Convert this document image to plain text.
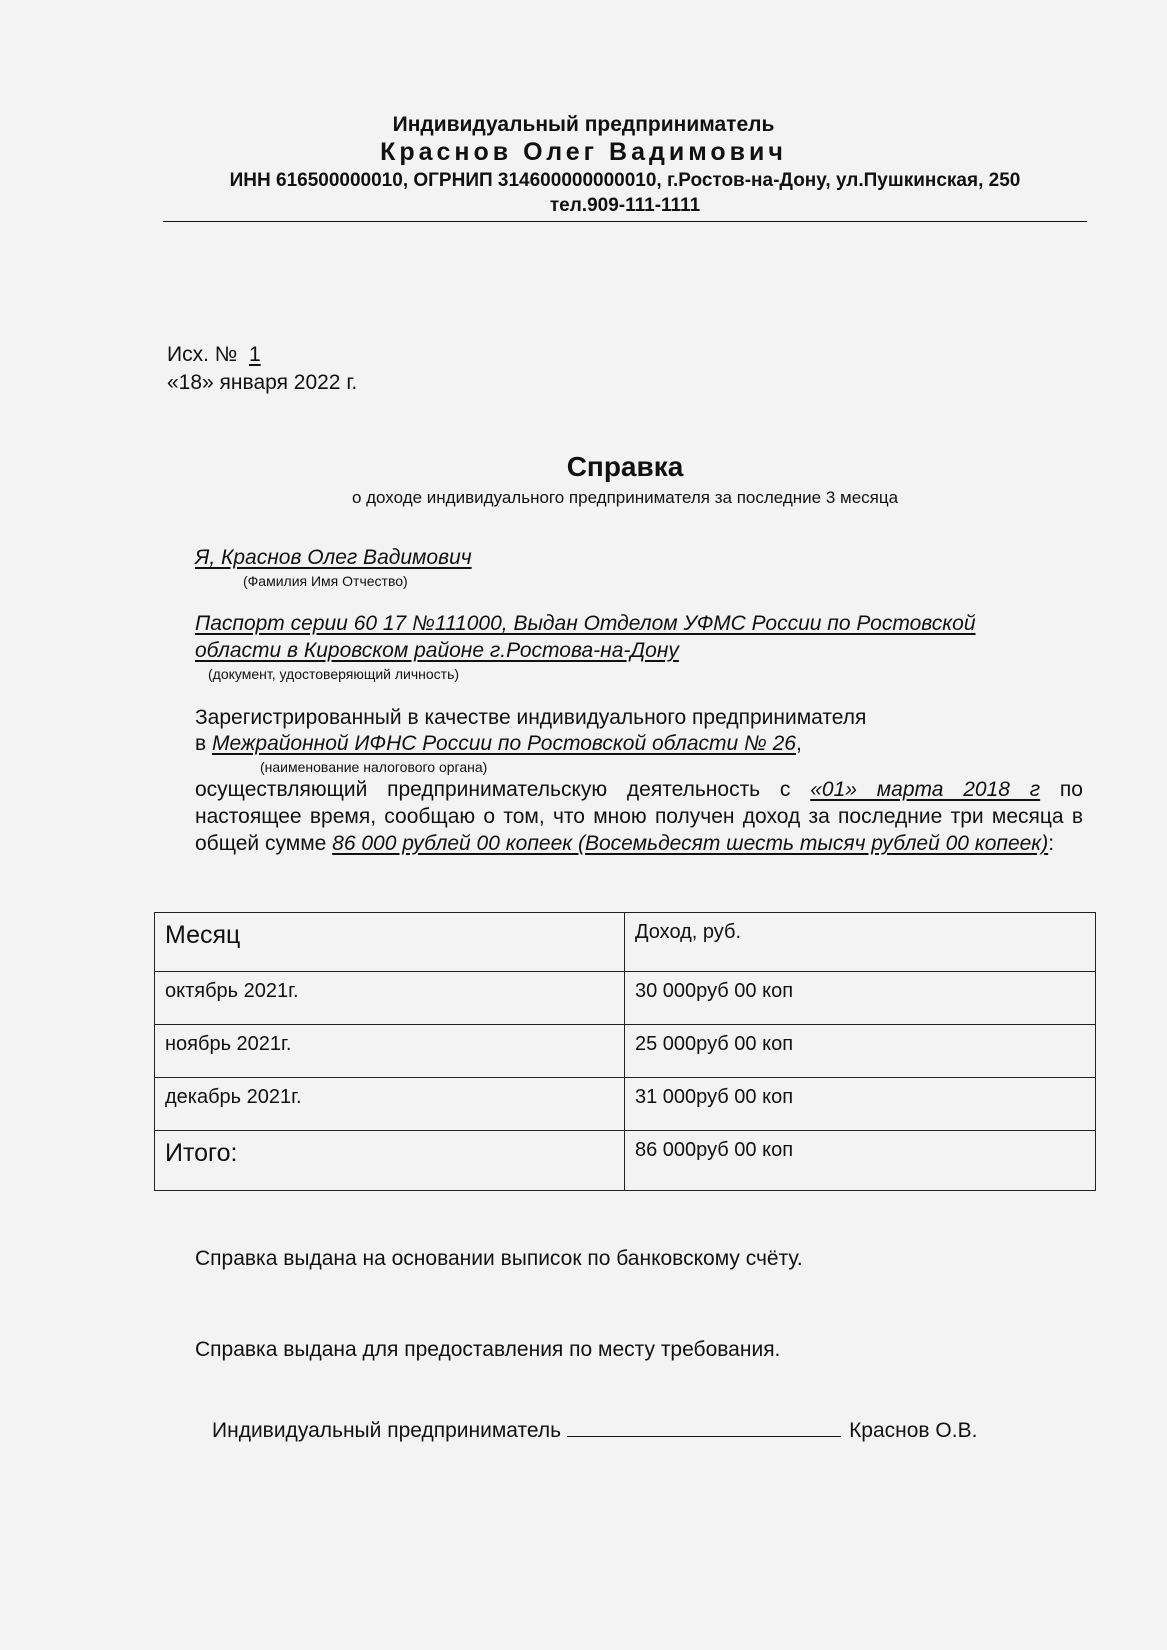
Индивидуальный предприниматель
Краснов Олег Вадимович
ИНН 616500000010, ОГРНИП 314600000000010, г.Ростов-на-Дону, ул.Пушкинская, 250
тел.909-111-1111
Исх. № 1
«18» января 2022 г.
Справка
о доходе индивидуального предпринимателя за последние 3 месяца
Я, Краснов Олег Вадимович
(Фамилия Имя Отчество)
Паспорт серии 60 17 №111000, Выдан Отделом УФМС России по Ростовской
области в Кировском районе г.Ростова-на-Дону
(документ, удостоверяющий личность)
Зарегистрированный в качестве индивидуального предпринимателя
в Межрайонной ИФНС России по Ростовской области № 26,
(наименование налогового органа)
осуществляющий предпринимательскую деятельность с «01» марта 2018 г по настоящее время, сообщаю о том, что мною получен доход за последние три месяца в общей сумме 86 000 рублей 00 копеек (Восемьдесят шесть тысяч рублей 00 копеек):
Месяц	Доход, руб.
октябрь 2021г.	30 000руб 00 коп
ноябрь 2021г.	25 000руб 00 коп
декабрь 2021г.	31 000руб 00 коп
Итого:	86 000руб 00 коп
Справка выдана на основании выписок по банковскому счёту.
Справка выдана для предоставления по месту требования.
Индивидуальный предприниматель	Краснов О.В.
